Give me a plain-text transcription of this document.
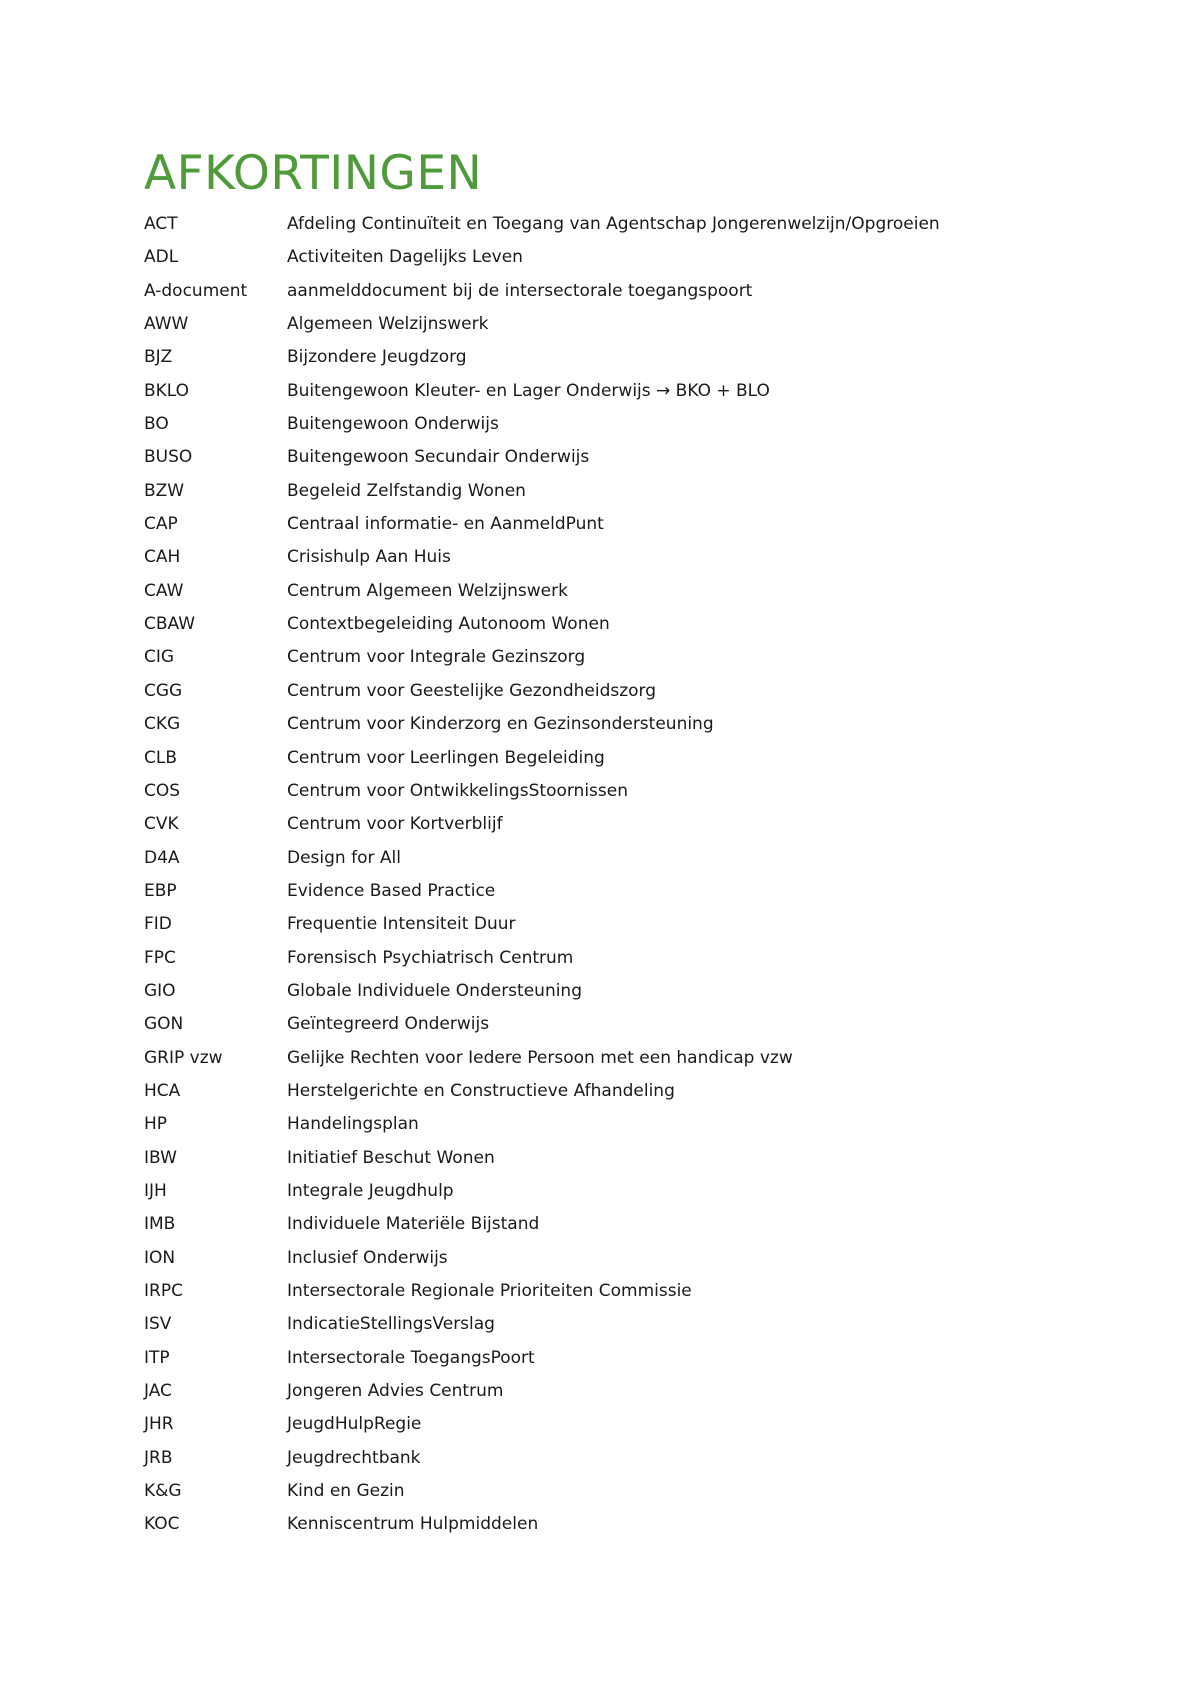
AFKORTINGEN
ACT	Afdeling Continuïteit en Toegang van Agentschap Jongerenwelzijn/Opgroeien
ADL	Activiteiten Dagelijks Leven
A-document	aanmelddocument bij de intersectorale toegangspoort
AWW	Algemeen Welzijnswerk
BJZ	Bijzondere Jeugdzorg
BKLO	Buitengewoon Kleuter- en Lager Onderwijs → BKO + BLO
BO	Buitengewoon Onderwijs
BUSO	Buitengewoon Secundair Onderwijs
BZW	Begeleid Zelfstandig Wonen
CAP	Centraal informatie- en AanmeldPunt
CAH	Crisishulp Aan Huis
CAW	Centrum Algemeen Welzijnswerk
CBAW	Contextbegeleiding Autonoom Wonen
CIG	Centrum voor Integrale Gezinszorg
CGG	Centrum voor Geestelijke Gezondheidszorg
CKG	Centrum voor Kinderzorg en Gezinsondersteuning
CLB	Centrum voor Leerlingen Begeleiding
COS	Centrum voor OntwikkelingsStoornissen
CVK	Centrum voor Kortverblijf
D4A	Design for All
EBP	Evidence Based Practice
FID	Frequentie Intensiteit Duur
FPC	Forensisch Psychiatrisch Centrum
GIO	Globale Individuele Ondersteuning
GON	Geïntegreerd Onderwijs
GRIP vzw	Gelijke Rechten voor Iedere Persoon met een handicap vzw
HCA	Herstelgerichte en Constructieve Afhandeling
HP	Handelingsplan
IBW	Initiatief Beschut Wonen
IJH	Integrale Jeugdhulp
IMB	Individuele Materiële Bijstand
ION	Inclusief Onderwijs
IRPC	Intersectorale Regionale Prioriteiten Commissie
ISV	IndicatieStellingsVerslag
ITP	Intersectorale ToegangsPoort
JAC	Jongeren Advies Centrum
JHR	JeugdHulpRegie
JRB	Jeugdrechtbank
K&G	Kind en Gezin
KOC	Kenniscentrum Hulpmiddelen
